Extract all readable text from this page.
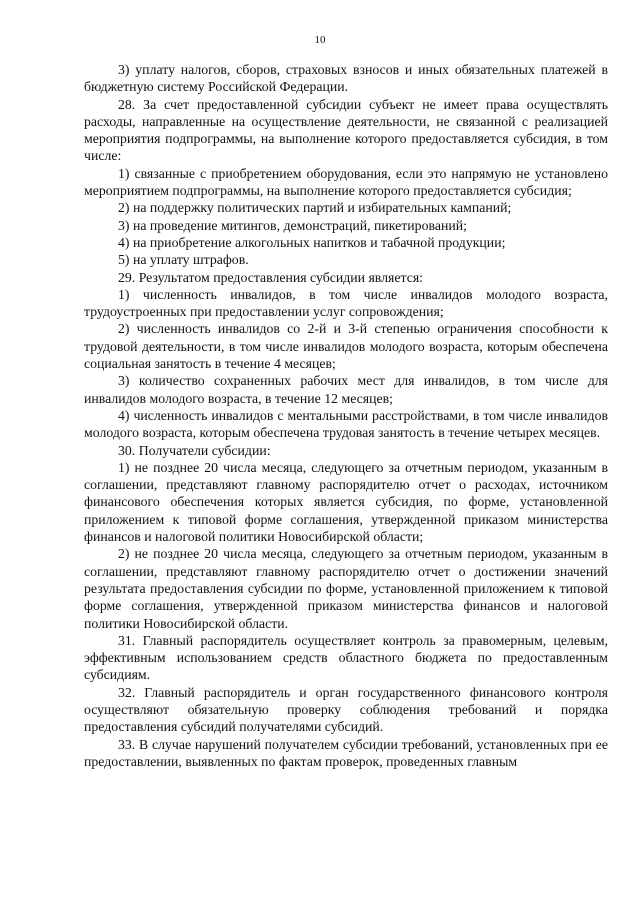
10

3) уплату налогов, сборов, страховых взносов и иных обязательных платежей в бюджетную систему Российской Федерации.

28. За счет предоставленной субсидии субъект не имеет права осуществлять расходы, направленные на осуществление деятельности, не связанной с реализацией мероприятия подпрограммы, на выполнение которого предоставляется субсидия, в том числе:

1) связанные с приобретением оборудования, если это напрямую не установлено мероприятием подпрограммы, на выполнение которого предоставляется субсидия;

2) на поддержку политических партий и избирательных кампаний;

3) на проведение митингов, демонстраций, пикетирований;

4) на приобретение алкогольных напитков и табачной продукции;

5) на уплату штрафов.

29. Результатом предоставления субсидии является:

1) численность инвалидов, в том числе инвалидов молодого возраста, трудоустроенных при предоставлении услуг сопровождения;

2) численность инвалидов со 2-й и 3-й степенью ограничения способности к трудовой деятельности, в том числе инвалидов молодого возраста, которым обеспечена социальная занятость в течение 4 месяцев;

3) количество сохраненных рабочих мест для инвалидов, в том числе для инвалидов молодого возраста, в течение 12 месяцев;

4) численность инвалидов с ментальными расстройствами, в том числе инвалидов молодого возраста, которым обеспечена трудовая занятость в течение четырех месяцев.

30. Получатели субсидии:

1) не позднее 20 числа месяца, следующего за отчетным периодом, указанным в соглашении, представляют главному распорядителю отчет о расходах, источником финансового обеспечения которых является субсидия, по форме, установленной приложением к типовой форме соглашения, утвержденной приказом министерства финансов и налоговой политики Новосибирской области;

2) не позднее 20 числа месяца, следующего за отчетным периодом, указанным в соглашении, представляют главному распорядителю отчет о достижении значений результата предоставления субсидии по форме, установленной приложением к типовой форме соглашения, утвержденной приказом министерства финансов и налоговой политики Новосибирской области.

31. Главный распорядитель осуществляет контроль за правомерным, целевым, эффективным использованием средств областного бюджета по предоставленным субсидиям.

32. Главный распорядитель и орган государственного финансового контроля осуществляют обязательную проверку соблюдения требований и порядка предоставления субсидий получателями субсидий.

33. В случае нарушений получателем субсидии требований, установленных при ее предоставлении, выявленных по фактам проверок, проведенных главным
